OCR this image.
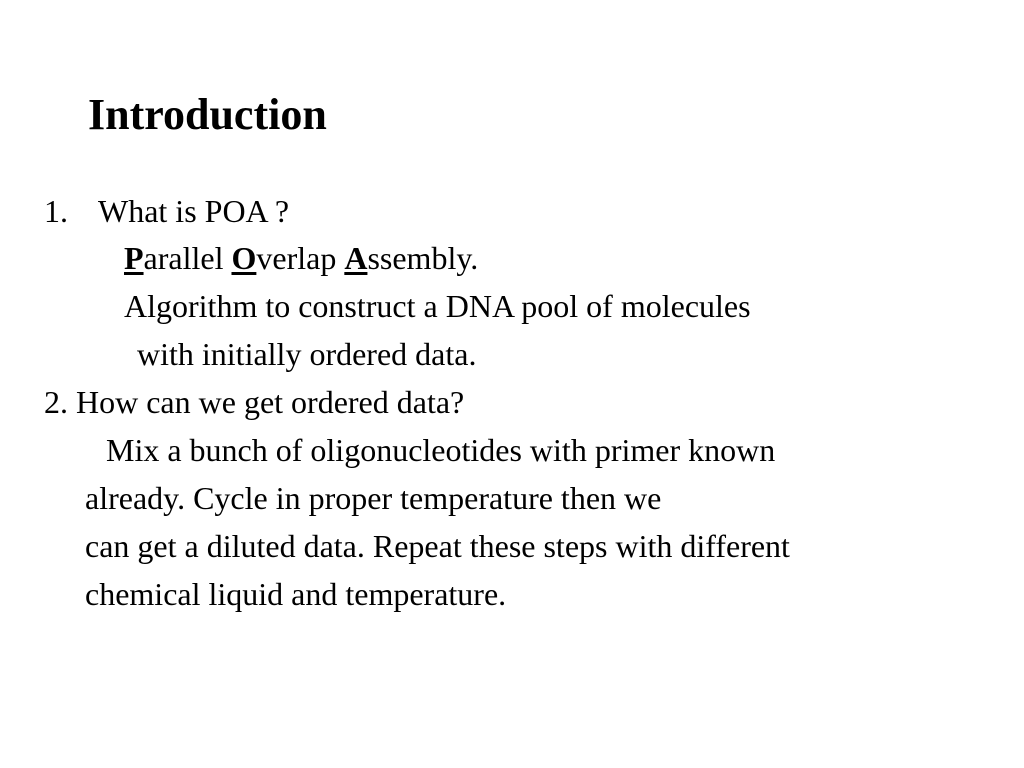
Introduction
1. What is POA ?
Parallel Overlap Assembly.
Algorithm to construct a DNA pool of molecules
with initially ordered data.
2. How can we get ordered data?
Mix a bunch of oligonucleotides with primer known
already. Cycle in proper temperature then we
can get a diluted data. Repeat these steps with different
chemical liquid and temperature.
